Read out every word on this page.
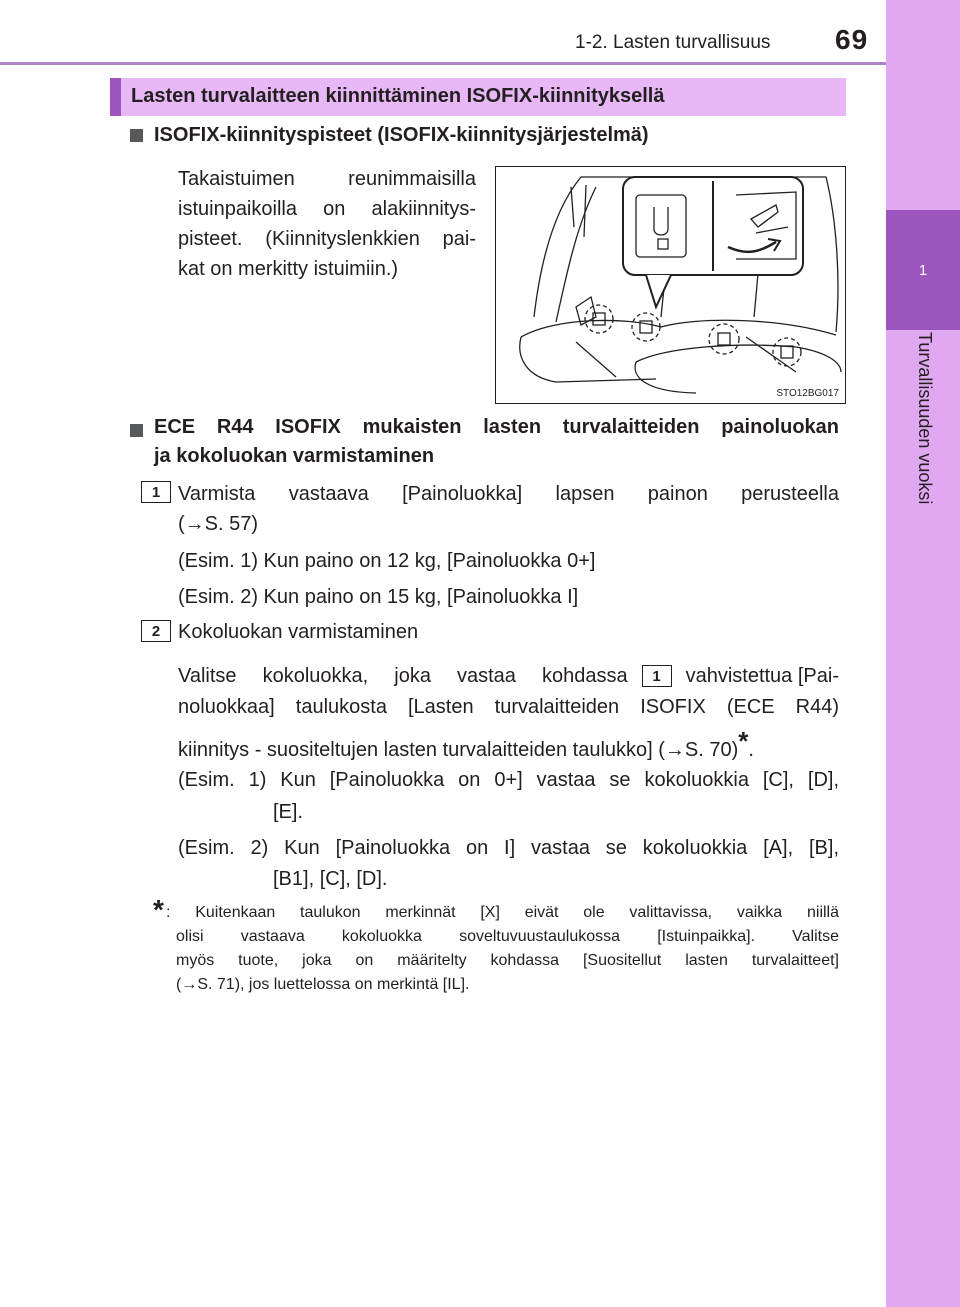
1-2. Lasten turvallisuus 69
1
Turvallisuuden vuoksi
Lasten turvalaitteen kiinnittäminen ISOFIX-kiinnityksellä
ISOFIX-kiinnityspisteet (ISOFIX-kiinnitysjärjestelmä)
Takaistuimen reunimmaisilla
istuinpaikoilla on alakiinnitys-
pisteet. (Kiinnityslenkkien pai-
kat on merkitty istuimiin.)
STO12BG017
ECE R44 ISOFIX mukaisten lasten turvalaitteiden painoluokan
ja kokoluokan varmistaminen
1 Varmista vastaava [Painoluokka] lapsen painon perusteella
(→S. 57)
(Esim. 1) Kun paino on 12 kg, [Painoluokka 0+]
(Esim. 2) Kun paino on 15 kg, [Painoluokka I]
2 Kokoluokan varmistaminen
Valitse kokoluokka, joka vastaa kohdassa	1	vahvistettua [Pai-
noluokkaa] taulukosta [Lasten turvalaitteiden ISOFIX (ECE R44)
kiinnitys - suositeltujen lasten turvalaitteiden taulukko] (→S. 70)*.
(Esim. 1) Kun [Painoluokka on 0+] vastaa se kokoluokkia [C], [D],
[E].
(Esim. 2) Kun [Painoluokka on I] vastaa se kokoluokkia [A], [B],
[B1], [C], [D].
* : Kuitenkaan taulukon merkinnät [X] eivät ole valittavissa, vaikka niillä
olisi vastaava kokoluokka soveltuvuustaulukossa [Istuinpaikka]. Valitse
myös tuote, joka on määritelty kohdassa [Suositellut lasten turvalaitteet]
(→S. 71), jos luettelossa on merkintä [IL].
